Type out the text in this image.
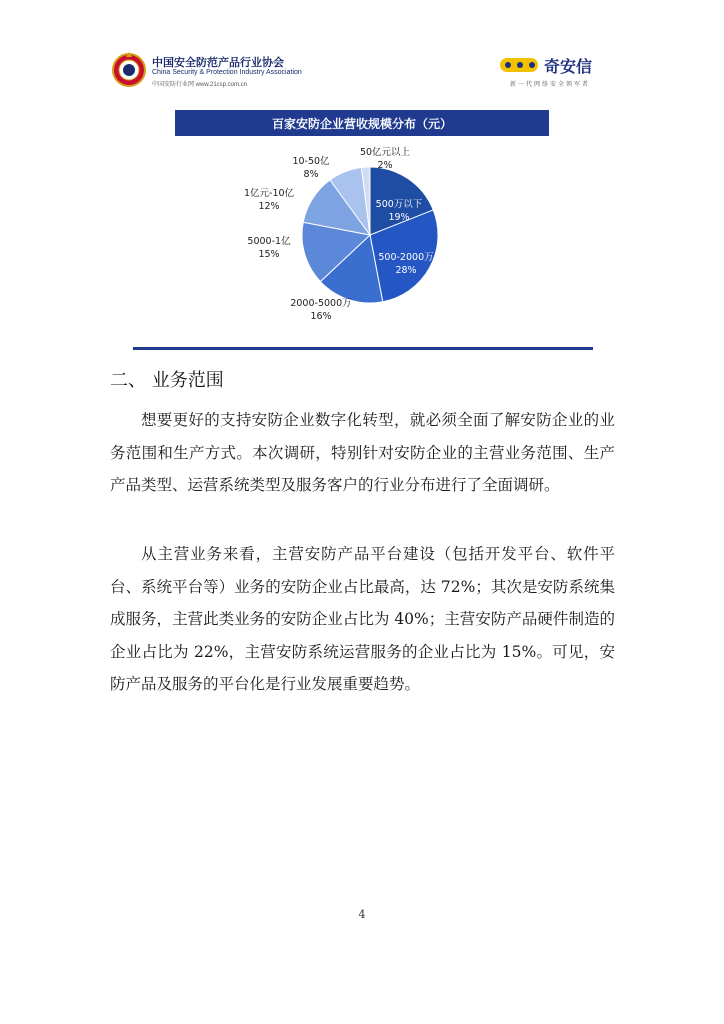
中国安全防范产品行业协会
China Security & Protection Industry Association
中国安防行业网 www.21csp.com.cn
奇安信
新一代网络安全领军者
百家安防企业营收规模分布（元）
500万以下
19%
500-2000万
28%
2000-5000万
16%
5000-1亿
15%
1亿元-10亿
12%
10-50亿
8%
50亿元以上
2%
二、 业务范围

想要更好的支持安防企业数字化转型，就必须全面了解安防企业的业务范围和生产方式。本次调研，特别针对安防企业的主营业务范围、生产产品类型、运营系统类型及服务客户的行业分布进行了全面调研。

从主营业务来看，主营安防产品平台建设（包括开发平台、软件平台、系统平台等）业务的安防企业占比最高，达 72%；其次是安防系统集成服务，主营此类业务的安防企业占比为 40%；主营安防产品硬件制造的企业占比为 22%，主营安防系统运营服务的企业占比为 15%。可见，安防产品及服务的平台化是行业发展重要趋势。

4
